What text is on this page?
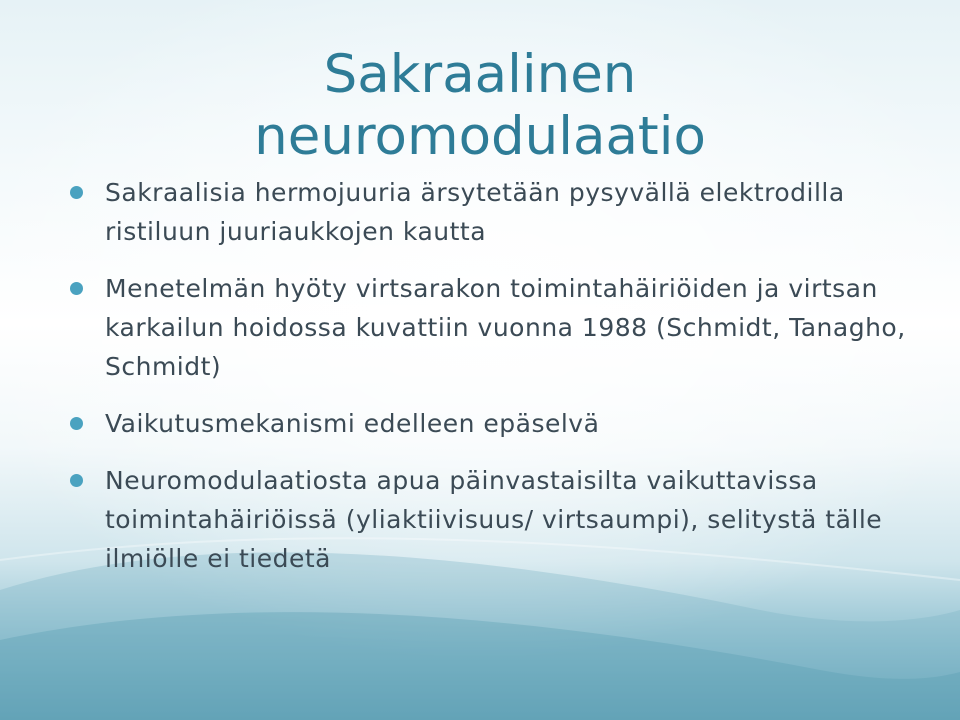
Sakraalinen
neuromodulaatio
Sakraalisia hermojuuria ärsytetään pysyvällä elektrodilla ristiluun juuriaukkojen kautta
Menetelmän hyöty virtsarakon toimintahäiriöiden ja virtsan karkailun hoidossa kuvattiin vuonna 1988 (Schmidt, Tanagho, Schmidt)
Vaikutusmekanismi edelleen epäselvä
Neuromodulaatiosta apua päinvastaisilta vaikuttavissa toimintahäiriöissä (yliaktiivisuus/ virtsaumpi), selitystä tälle ilmiölle ei tiedetä
